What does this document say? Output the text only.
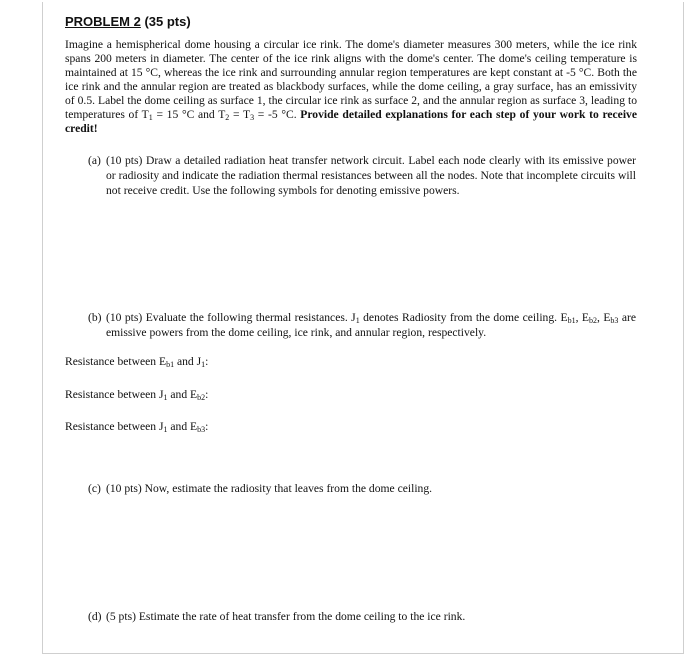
PROBLEM 2 (35 pts)

Imagine a hemispherical dome housing a circular ice rink. The dome's diameter measures 300 meters, while the ice rink spans 200 meters in diameter. The center of the ice rink aligns with the dome's center. The dome's ceiling temperature is maintained at 15 °C, whereas the ice rink and surrounding annular region temperatures are kept constant at -5 °C. Both the ice rink and the annular region are treated as blackbody surfaces, while the dome ceiling, a gray surface, has an emissivity of 0.5. Label the dome ceiling as surface 1, the circular ice rink as surface 2, and the annular region as surface 3, leading to temperatures of $T_1 = 15$ °C and $T_2 = T_3 = -5$ °C. Provide detailed explanations for each step of your work to receive credit!

(a) (10 pts) Draw a detailed radiation heat transfer network circuit. Label each node clearly with its emissive power or radiosity and indicate the radiation thermal resistances between all the nodes. Note that incomplete circuits will not receive credit. Use the following symbols for denoting emissive powers.
(b) (10 pts) Evaluate the following thermal resistances. $J_1$ denotes Radiosity from the dome ceiling. $E_{b1}$, $E_{b2}$, $E_{b3}$ are emissive powers from the dome ceiling, ice rink, and annular region, respectively.
Resistance between $E_{b1}$ and $J_1$:
Resistance between $J_1$ and $E_{b2}$:
Resistance between $J_1$ and $E_{b3}$:
(c) (10 pts) Now, estimate the radiosity that leaves from the dome ceiling.
(d) (5 pts) Estimate the rate of heat transfer from the dome ceiling to the ice rink.
